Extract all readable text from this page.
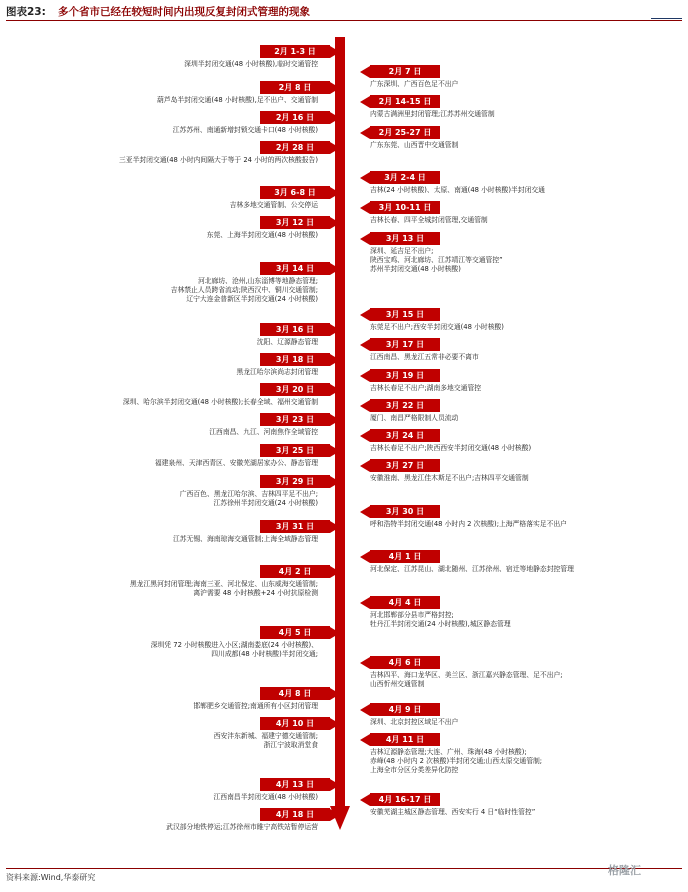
图表23: 多个省市已经在较短时间内出现反复封闭式管理的现象
2月 1-3 日
深圳半封闭交通(48 小时核酸),临时交通管控
2月 8 日
葫芦岛半封闭交通(48 小时核酸),足不出户、交通管制
2月 16 日
江苏苏州、南通新增封锁交通卡口(48 小时核酸)
2月 28 日
三亚半封闭交通(48 小时内间隔大于等于 24 小时的两次核酸报告)
3月 6-8 日
吉林多地交通管制、公交停运
3月 12 日
东莞、上海半封闭交通(48 小时核酸)
3月 14 日
河北廊坊、沧州,山东淄博等地静态管理;
吉林禁止人员跨省流动;陕西汉中、铜川交通管制;
辽宁大连金普新区半封闭交通(24 小时核酸)
3月 16 日
沈阳、辽源静态管理
3月 18 日
黑龙江哈尔滨尚志封闭管理
3月 20 日
深圳、哈尔滨半封闭交通(48 小时核酸);长春全域、福州交通管制
3月 23 日
江西南昌、九江、河南焦作全域管控
3月 25 日
福建泉州、天津西青区、安徽芜湖居家办公、静态管理
3月 29 日
广西百色、黑龙江哈尔滨、吉林四平足不出户;
江苏徐州半封闭交通(24 小时核酸)
3月 31 日
江苏无锡、海南琼海交通管制;上海全域静态管理
4月 2 日
黑龙江黑河封闭管理;海南三亚、河北保定、山东威海交通管制;
离沪需要 48 小时核酸+24 小时抗原检测
4月 5 日
深圳凭 72 小时核酸进入小区;湖南娄底(24 小时核酸)、
四川成都(48 小时核酸)半封闭交通;
4月 8 日
邯郸肥乡交通管控;南通所有小区封闭管理
4月 10 日
西安沣东新城、福建宁德交通管制;
浙江宁波取消堂食
4月 13 日
江西南昌半封闭交通(48 小时核酸)
4月 18 日
武汉部分地铁停运;江苏徐州市睢宁高铁站暂停运营
2月 7 日
广东深圳、广西百色足不出户
2月 14-15 日
内蒙古满洲里封闭管理;江苏苏州交通管制
2月 25-27 日
广东东莞、山西晋中交通管制
3月 2-4 日
吉林(24 小时核酸)、太原、南通(48 小时核酸)半封闭交通
3月 10-11 日
吉林长春、四平全城封闭管理,交通管制
3月 13 日
深圳、延吉足不出户;
陕西宝鸡、河北廊坊、江苏靖江等交通管控”
苏州半封闭交通(48 小时核酸)
3月 15 日
东莞足不出户;西安半封闭交通(48 小时核酸)
3月 17 日
江西南昌、黑龙江五常非必要不离市
3月 19 日
吉林长春足不出户;湖南多地交通管控
3月 22 日
厦门、南昌严格限制人员流动
3月 24 日
吉林长春足不出户;陕西西安半封闭交通(48 小时核酸)
3月 27 日
安徽淮南、黑龙江佳木斯足不出户;吉林四平交通管制
3月 30 日
呼和浩特半封闭交通(48 小时内 2 次核酸);上海严格落实足不出户
4月 1 日
河北保定、江苏昆山、湖北随州、江苏徐州、宿迁等地静态封控管理
4月 4 日
河北邯郸部分县市严格封控;
牡丹江半封闭交通(24 小时核酸),城区静态管理
4月 6 日
吉林四平、海口龙华区、美兰区、浙江嘉兴静态管理、足不出户;
山西忻州交通管制
4月 9 日
深圳、北京封控区域足不出户
4月 11 日
吉林辽源静态管理;大连、广州、珠海(48 小时核酸);
赤峰(48 小时内 2 次核酸)半封闭交通;山西太原交通管制;
上海全市分区分类差异化防控
4月 16-17 日
安徽芜湖主城区静态管理、西安实行 4 日“临时性管控”
资料来源:Wind,华泰研究
格隆汇
